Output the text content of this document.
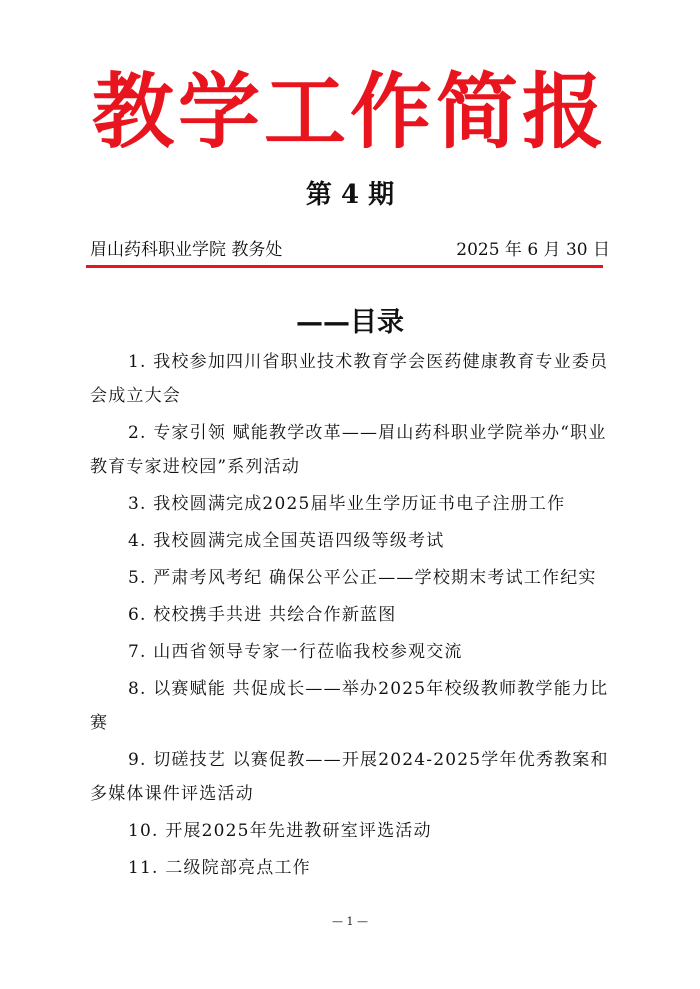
教学工作简报
第 4 期
眉山药科职业学院 教务处	2025 年 6 月 30 日
——目录
1. 我校参加四川省职业技术教育学会医药健康教育专业委员会成立大会
2. 专家引领 赋能教学改革——眉山药科职业学院举办“职业教育专家进校园”系列活动
3. 我校圆满完成2025届毕业生学历证书电子注册工作
4. 我校圆满完成全国英语四级等级考试
5. 严肃考风考纪 确保公平公正——学校期末考试工作纪实
6. 校校携手共进 共绘合作新蓝图
7. 山西省领导专家一行莅临我校参观交流
8. 以赛赋能 共促成长——举办2025年校级教师教学能力比赛
9. 切磋技艺 以赛促教——开展2024-2025学年优秀教案和多媒体课件评选活动
10. 开展2025年先进教研室评选活动
11. 二级院部亮点工作
— 1 —
